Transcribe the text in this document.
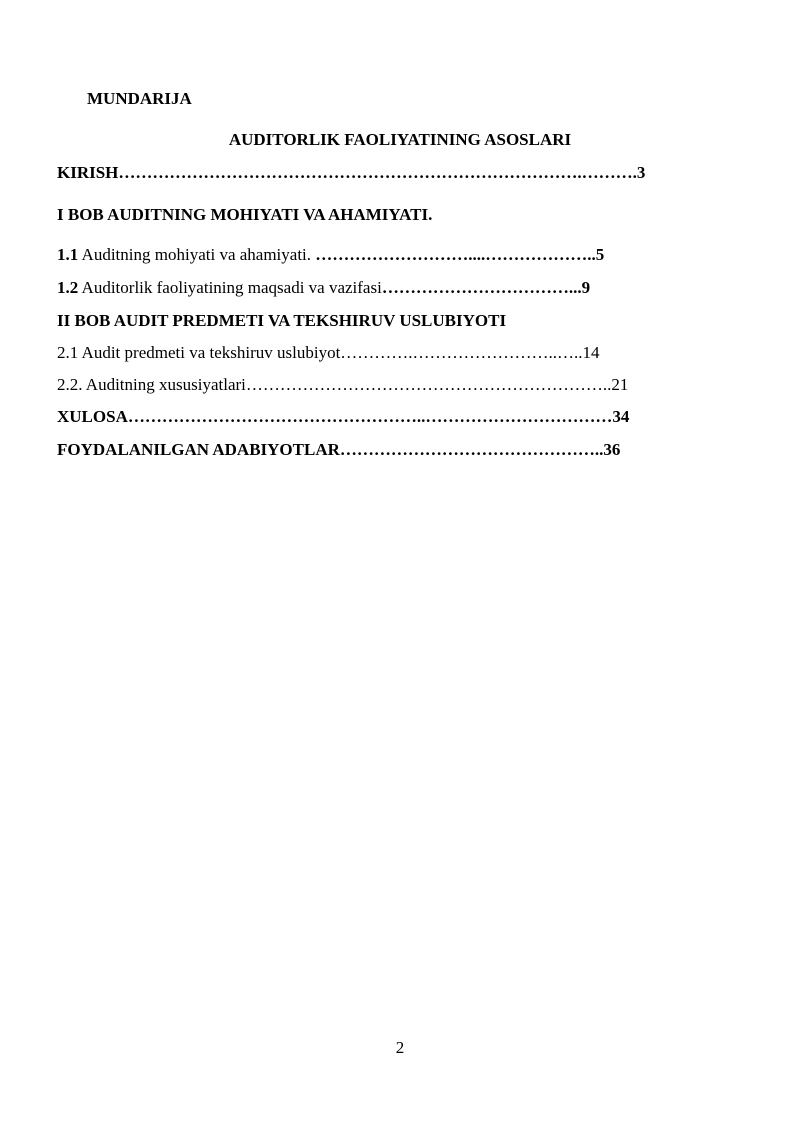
MUNDARIJA
AUDITORLIK FAOLIYATINING ASOSLARI
KIRISH……………………………………………………………………….……….3
I BOB AUDITNING MOHIYATI VA AHAMIYATI.
1.1 Auditning mohiyati va ahamiyati. ………………………....………………..5
1.2 Auditorlik faoliyatining maqsadi va vazifasi……………………………...9
II BOB AUDIT PREDMETI VA TEKSHIRUV USLUBIYOTI
2.1 Audit predmeti va tekshiruv uslubiyot………….……………………..…..14
2.2. Auditning xususiyatlari………………………………………………………..21
XULOSA……………………………………………..……………………………34
FOYDALANILGAN ADABIYOTLAR………………………………………..36
2
